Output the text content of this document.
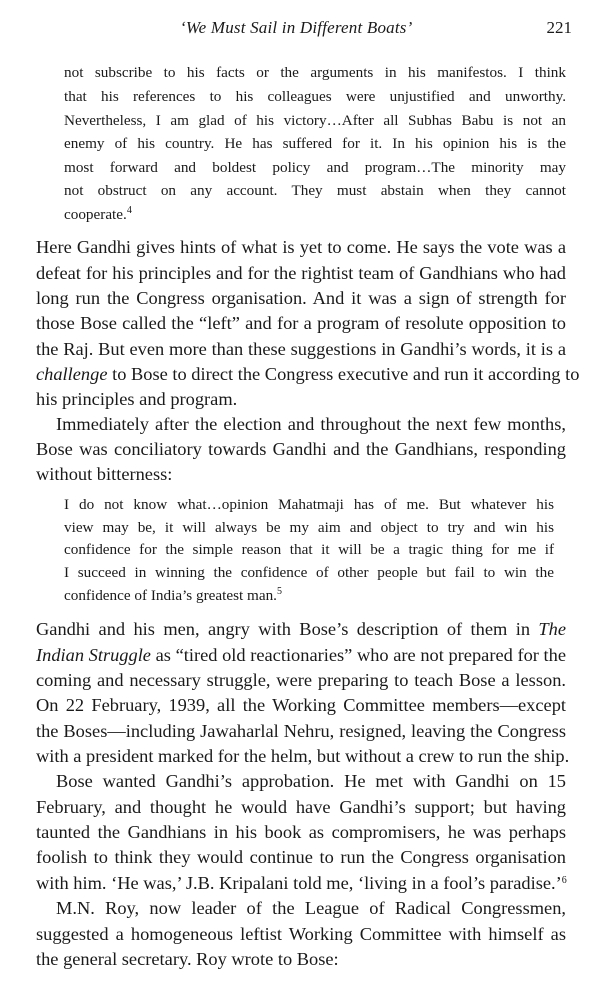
‘We Must Sail in Different Boats’	221
not subscribe to his facts or the arguments in his manifestos. I think
that his references to his colleagues were unjustified and unworthy.
Nevertheless, I am glad of his victory…After all Subhas Babu is not an
enemy of his country. He has suffered for it. In his opinion his is the
most forward and boldest policy and program…The minority may
not obstruct on any account. They must abstain when they cannot
cooperate.$^4$
Here Gandhi gives hints of what is yet to come. He says the vote was a
defeat for his principles and for the rightist team of Gandhians who had
long run the Congress organisation. And it was a sign of strength for
those Bose called the “left” and for a program of resolute opposition to
the Raj. But even more than these suggestions in Gandhi’s words, it is a
challenge to Bose to direct the Congress executive and run it according to
his principles and program.
Immediately after the election and throughout the next few months,
Bose was conciliatory towards Gandhi and the Gandhians, responding
without bitterness:
I do not know what…opinion Mahatmaji has of me. But whatever his
view may be, it will always be my aim and object to try and win his
confidence for the simple reason that it will be a tragic thing for me if
I succeed in winning the confidence of other people but fail to win the
confidence of India’s greatest man.$^5$
Gandhi and his men, angry with Bose’s description of them in The
Indian Struggle as “tired old reactionaries” who are not prepared for the
coming and necessary struggle, were preparing to teach Bose a lesson.
On 22 February, 1939, all the Working Committee members—except
the Boses—including Jawaharlal Nehru, resigned, leaving the Congress
with a president marked for the helm, but without a crew to run the ship.
Bose wanted Gandhi’s approbation. He met with Gandhi on 15
February, and thought he would have Gandhi’s support; but having
taunted the Gandhians in his book as compromisers, he was perhaps
foolish to think they would continue to run the Congress organisation
with him. ‘He was,’ J.B. Kripalani told me, ‘living in a fool’s paradise.’$^6$
M.N. Roy, now leader of the League of Radical Congressmen,
suggested a homogeneous leftist Working Committee with himself as
the general secretary. Roy wrote to Bose:
